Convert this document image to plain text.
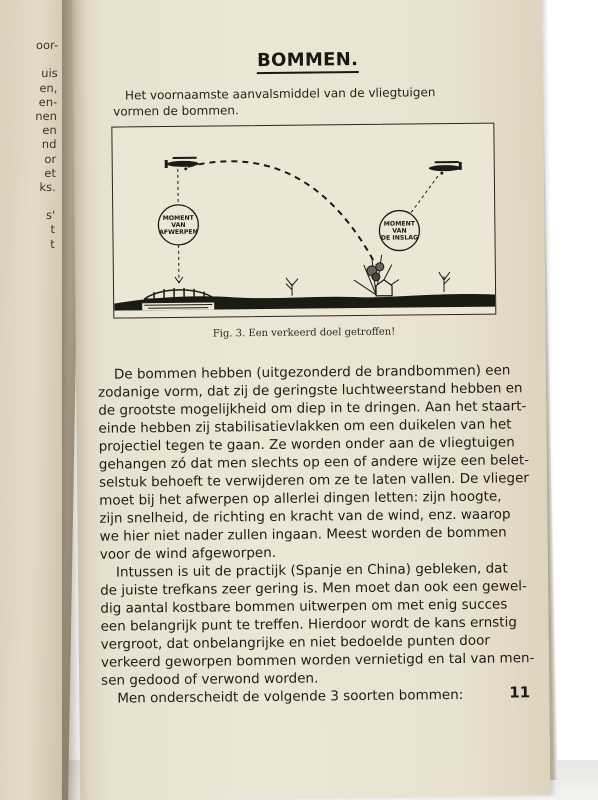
oor-
uis
en,
en-
nen
en
nd
or
et
ks.
s'
t
t
BOMMEN.
Het voornaamste aanvalsmiddel van de vliegtuigen vormen de bommen.
MOMENTVANAFWERPEN
MOMENTVANDE INSLAG
Fig. 3. Een verkeerd doel getroffen!
De bommen hebben (uitgezonderd de brandbommen) een
zodanige vorm, dat zij de geringste luchtweerstand hebben en
de grootste mogelijkheid om diep in te dringen. Aan het staart-
einde hebben zij stabilisatievlakken om een duikelen van het
projectiel tegen te gaan. Ze worden onder aan de vliegtuigen
gehangen zó dat men slechts op een of andere wijze een belet-
selstuk behoeft te verwijderen om ze te laten vallen. De vlieger
moet bij het afwerpen op allerlei dingen letten: zijn hoogte,
zijn snelheid, de richting en kracht van de wind, enz. waarop
we hier niet nader zullen ingaan. Meest worden de bommen
voor de wind afgeworpen.
Intussen is uit de practijk (Spanje en China) gebleken, dat
de juiste trefkans zeer gering is. Men moet dan ook een gewel-
dig aantal kostbare bommen uitwerpen om met enig succes
een belangrijk punt te treffen. Hierdoor wordt de kans ernstig
vergroot, dat onbelangrijke en niet bedoelde punten door
verkeerd geworpen bommen worden vernietigd en tal van men-
sen gedood of verwond worden.
Men onderscheidt de volgende 3 soorten bommen:	11
